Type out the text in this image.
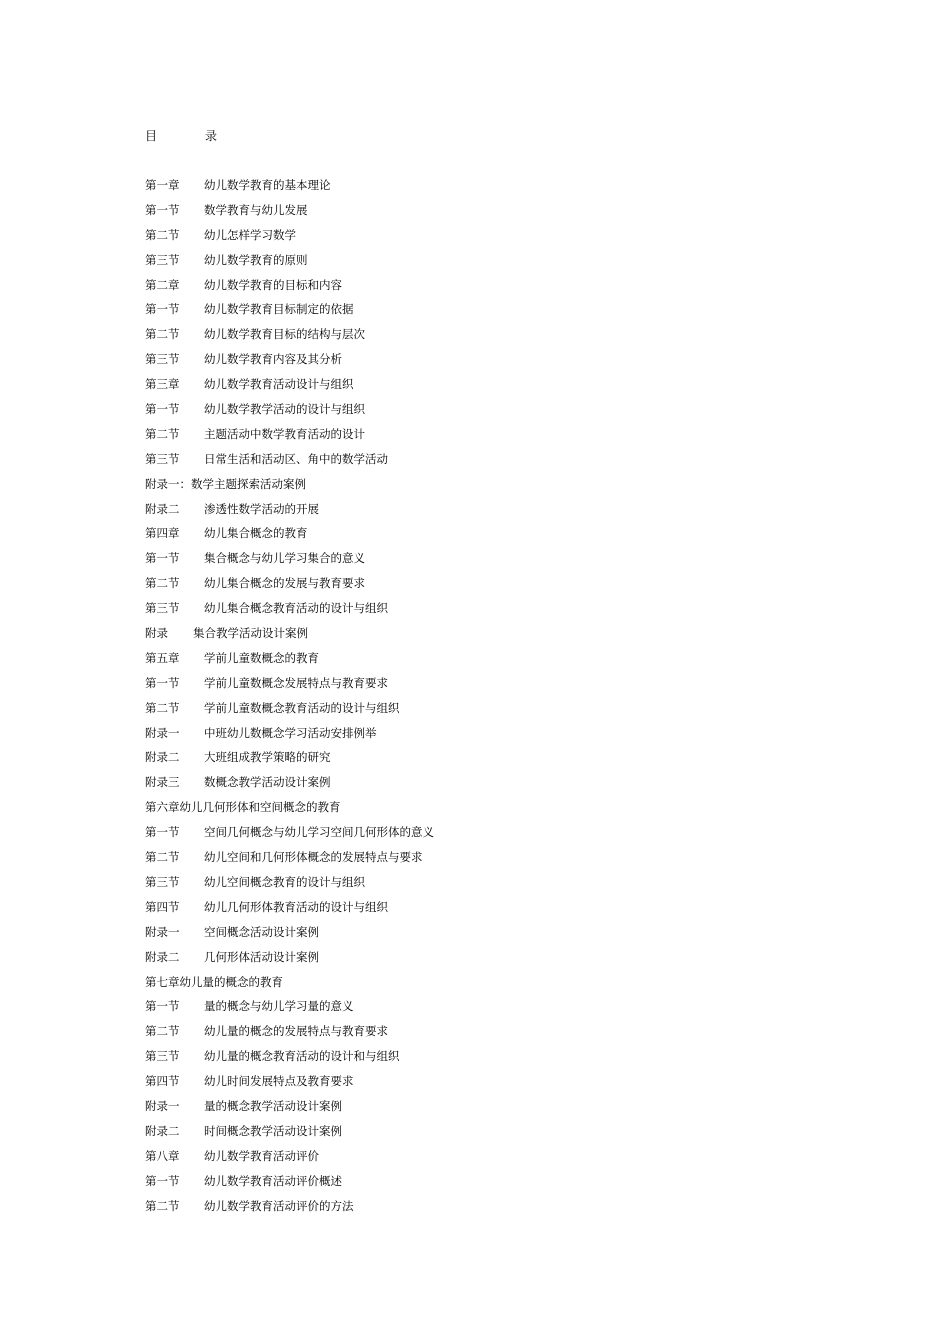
目　　　　录
第一章	幼儿数学教育的基本理论
第一节	数学教育与幼儿发展
第二节	幼儿怎样学习数学
第三节	幼儿数学教育的原则
第二章	幼儿数学教育的目标和内容
第一节	幼儿数学教育目标制定的依据
第二节	幼儿数学教育目标的结构与层次
第三节	幼儿数学教育内容及其分析
第三章	幼儿数学教育活动设计与组织
第一节	幼儿数学教学活动的设计与组织
第二节	主题活动中数学教育活动的设计
第三节	日常生活和活动区、角中的数学活动
附录一： 数学主题探索活动案例
附录二	渗透性数学活动的开展
第四章	幼儿集合概念的教育
第一节	集合概念与幼儿学习集合的意义
第二节	幼儿集合概念的发展与教育要求
第三节	幼儿集合概念教育活动的设计与组织
附录	集合教学活动设计案例
第五章	学前儿童数概念的教育
第一节	学前儿童数概念发展特点与教育要求
第二节	学前儿童数概念教育活动的设计与组织
附录一	中班幼儿数概念学习活动安排例举
附录二	大班组成教学策略的研究
附录三	数概念教学活动设计案例
第六章 幼儿几何形体和空间概念的教育
第一节	空间几何概念与幼儿学习空间几何形体的意义
第二节	幼儿空间和几何形体概念的发展特点与要求
第三节	幼儿空间概念教育的设计与组织
第四节	幼儿几何形体教育活动的设计与组织
附录一	空间概念活动设计案例
附录二	几何形体活动设计案例
第七章 幼儿量的概念的教育
第一节	量的概念与幼儿学习量的意义
第二节	幼儿量的概念的发展特点与教育要求
第三节	幼儿量的概念教育活动的设计和与组织
第四节	幼儿时间发展特点及教育要求
附录一	量的概念教学活动设计案例
附录二	时间概念教学活动设计案例
第八章	幼儿数学教育活动评价
第一节	幼儿数学教育活动评价概述
第二节	幼儿数学教育活动评价的方法
